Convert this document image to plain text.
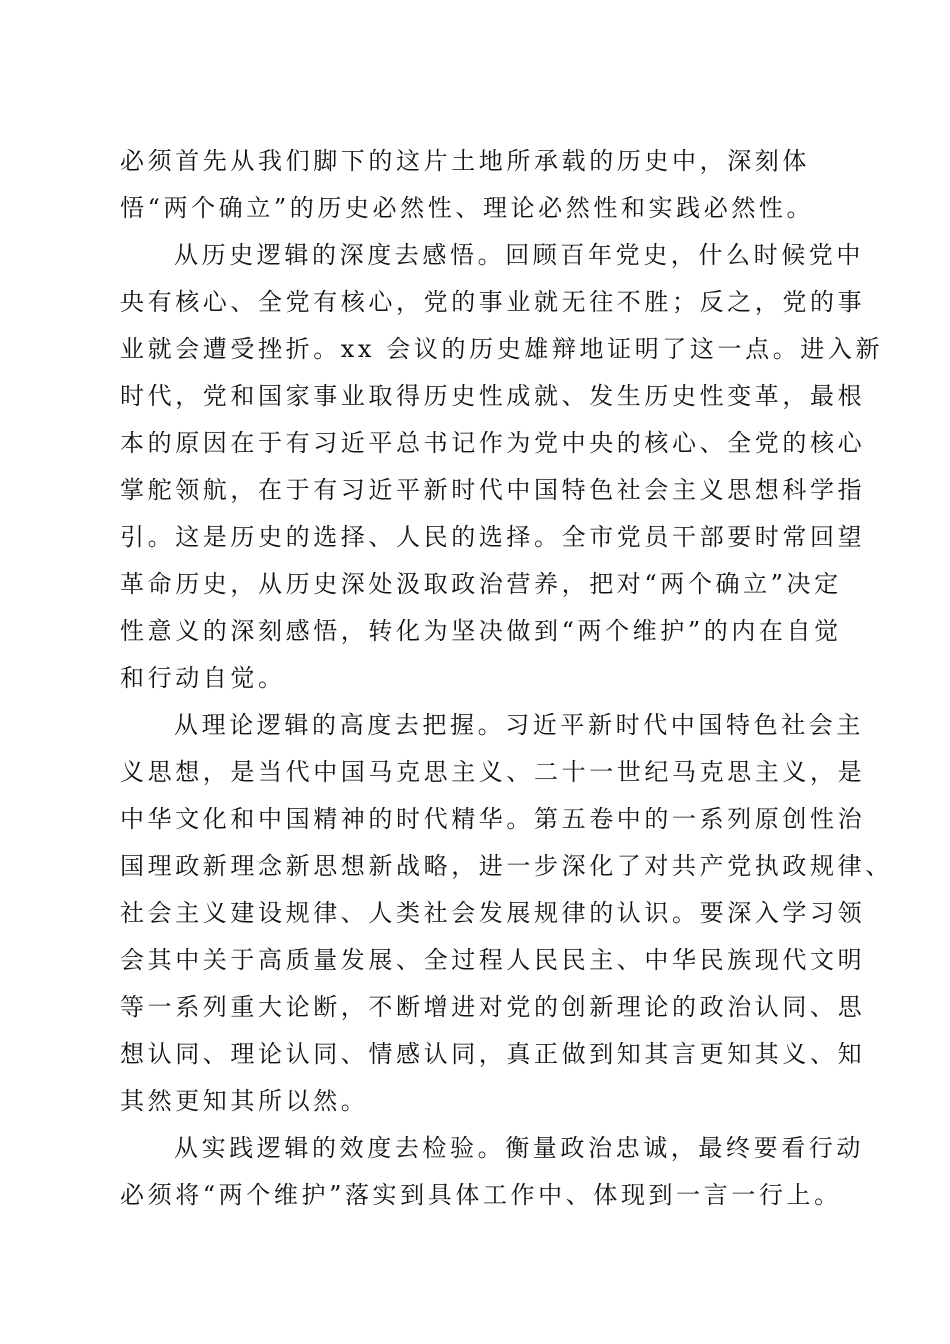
必须首先从我们脚下的这片土地所承载的历史中，深刻体
悟“两个确立”的历史必然性、理论必然性和实践必然性。

从历史逻辑的深度去感悟。回顾百年党史，什么时候党中
央有核心、全党有核心，党的事业就无往不胜；反之，党的事
业就会遭受挫折。xx 会议的历史雄辩地证明了这一点。进入新
时代，党和国家事业取得历史性成就、发生历史性变革，最根
本的原因在于有习近平总书记作为党中央的核心、全党的核心
掌舵领航，在于有习近平新时代中国特色社会主义思想科学指
引。这是历史的选择、人民的选择。全市党员干部要时常回望
革命历史，从历史深处汲取政治营养，把对“两个确立”决定
性意义的深刻感悟，转化为坚决做到“两个维护”的内在自觉
和行动自觉。

从理论逻辑的高度去把握。习近平新时代中国特色社会主
义思想，是当代中国马克思主义、二十一世纪马克思主义，是
中华文化和中国精神的时代精华。第五卷中的一系列原创性治
国理政新理念新思想新战略，进一步深化了对共产党执政规律、
社会主义建设规律、人类社会发展规律的认识。要深入学习领
会其中关于高质量发展、全过程人民民主、中华民族现代文明
等一系列重大论断，不断增进对党的创新理论的政治认同、思
想认同、理论认同、情感认同，真正做到知其言更知其义、知
其然更知其所以然。

从实践逻辑的效度去检验。衡量政治忠诚，最终要看行动
必须将“两个维护”落实到具体工作中、体现到一言一行上。
